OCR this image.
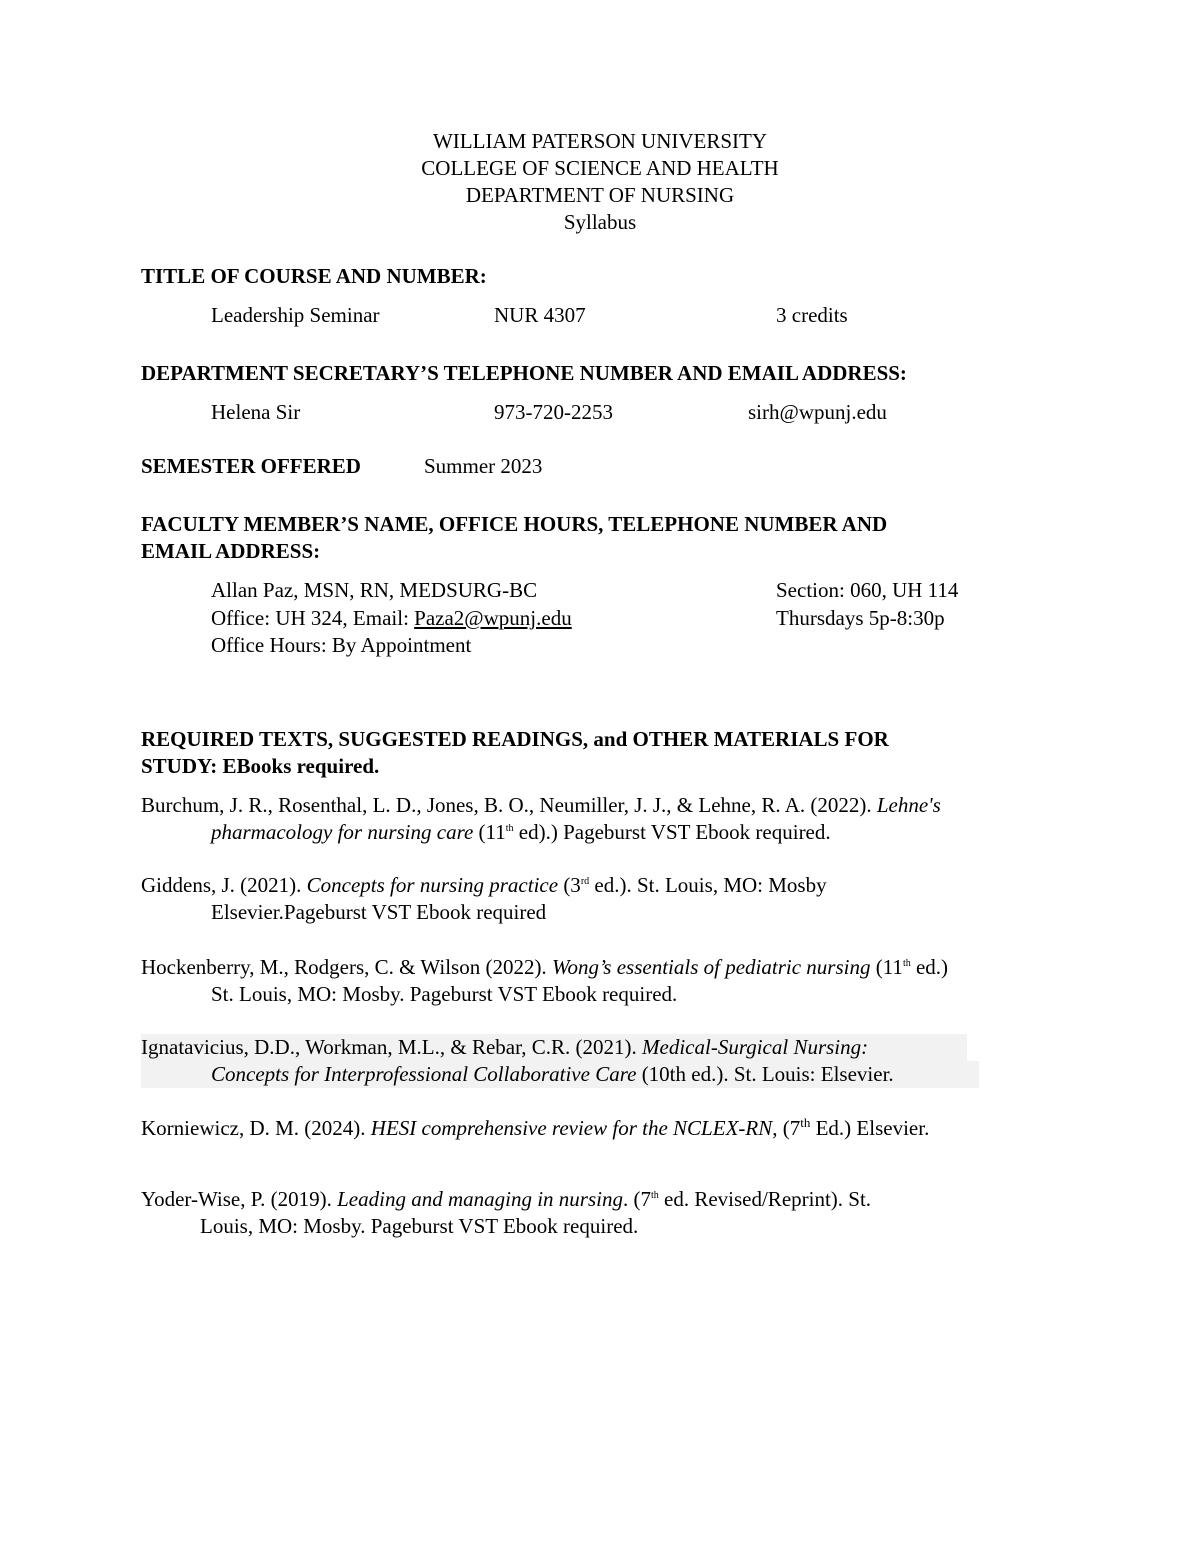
WILLIAM PATERSON UNIVERSITY
COLLEGE OF SCIENCE AND HEALTH
DEPARTMENT OF NURSING
Syllabus
TITLE OF COURSE AND NUMBER:
Leadership Seminar	NUR 4307	3 credits
DEPARTMENT SECRETARY’S TELEPHONE NUMBER AND EMAIL ADDRESS:
Helena Sir	973-720-2253	sirh@wpunj.edu
SEMESTER OFFERED	Summer 2023
FACULTY MEMBER’S NAME, OFFICE HOURS, TELEPHONE NUMBER AND
EMAIL ADDRESS:
Allan Paz, MSN, RN, MEDSURG-BC	Section: 060, UH 114
Office: UH 324, Email: Paza2@wpunj.edu	Thursdays 5p-8:30p
Office Hours: By Appointment
REQUIRED TEXTS, SUGGESTED READINGS, and OTHER MATERIALS FOR
STUDY: EBooks required.
Burchum, J. R., Rosenthal, L. D., Jones, B. O., Neumiller, J. J., & Lehne, R. A. (2022). Lehne's
pharmacology for nursing care (11th ed).) Pageburst VST Ebook required.
Giddens, J. (2021). Concepts for nursing practice (3rd ed.). St. Louis, MO: Mosby
Elsevier.Pageburst VST Ebook required
Hockenberry, M., Rodgers, C. & Wilson (2022). Wong’s essentials of pediatric nursing (11th ed.)
St. Louis, MO: Mosby. Pageburst VST Ebook required.
Ignatavicius, D.D., Workman, M.L., & Rebar, C.R. (2021). Medical-Surgical Nursing:
Concepts for Interprofessional Collaborative Care (10th ed.). St. Louis: Elsevier.
Korniewicz, D. M. (2024). HESI comprehensive review for the NCLEX-RN, (7th Ed.) Elsevier.
Yoder-Wise, P. (2019). Leading and managing in nursing. (7th ed. Revised/Reprint). St.
Louis, MO: Mosby. Pageburst VST Ebook required.
